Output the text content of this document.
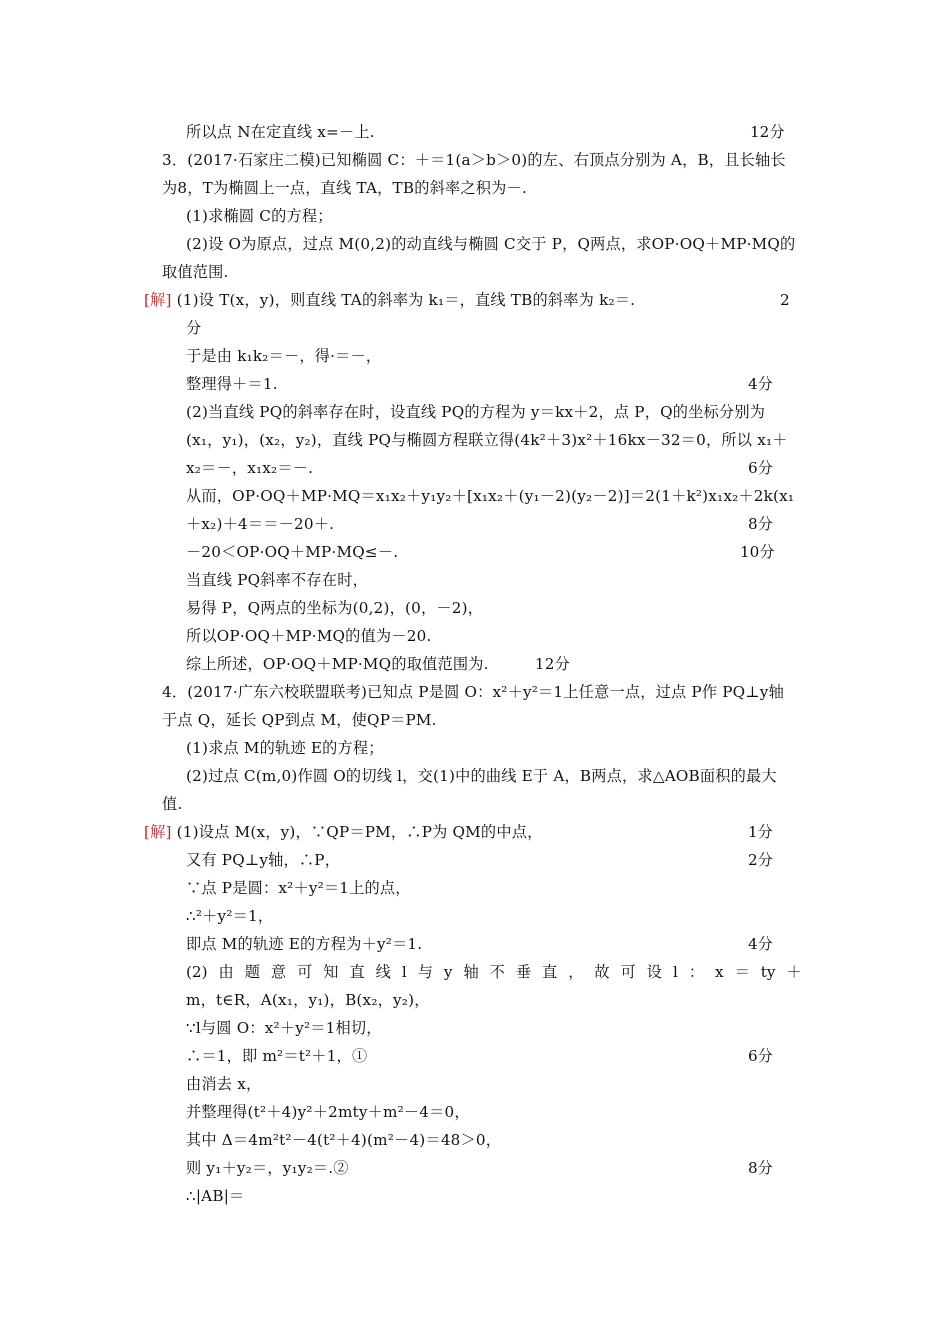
所以点 N在定直线 x=－上.	12分
3．(2017·石家庄二模)已知椭圆 C：＋＝1(a＞b＞0)的左、右顶点分别为 A，B，且长轴长
为8，T为椭圆上一点，直线 TA，TB的斜率之积为－.
(1)求椭圆 C的方程；
(2)设 O为原点，过点 M(0,2)的动直线与椭圆 C交于 P，Q两点，求OP·OQ＋MP·MQ的
取值范围.
[解] (1)设 T(x，y)，则直线 TA的斜率为 k₁＝，直线 TB的斜率为 k₂＝.	2
分
于是由 k₁k₂＝－，得·＝－，
整理得＋＝1.	4分
(2)当直线 PQ的斜率存在时，设直线 PQ的方程为 y＝kx＋2，点 P，Q的坐标分别为
(x₁，y₁)，(x₂，y₂)，直线 PQ与椭圆方程联立得(4k²＋3)x²＋16kx－32＝0，所以 x₁＋
x₂＝－，x₁x₂＝－.	6分
从而，OP·OQ＋MP·MQ＝x₁x₂＋y₁y₂＋[x₁x₂＋(y₁－2)(y₂－2)]＝2(1＋k²)x₁x₂＋2k(x₁
＋x₂)＋4＝＝－20＋.	8分
－20＜OP·OQ＋MP·MQ≤－.	10分
当直线 PQ斜率不存在时，
易得 P，Q两点的坐标为(0,2)，(0，－2)，
所以OP·OQ＋MP·MQ的值为－20.
综上所述，OP·OQ＋MP·MQ的取值范围为.　　　12分
4．(2017·广东六校联盟联考)已知点 P是圆 O：x²＋y²＝1上任意一点，过点 P作 PQ⊥y轴
于点 Q，延长 QP到点 M，使QP＝PM.
(1)求点 M的轨迹 E的方程；
(2)过点 C(m,0)作圆 O的切线 l，交(1)中的曲线 E于 A，B两点，求△AOB面积的最大
值.
[解] (1)设点 M(x，y)，∵QP＝PM，∴P为 QM的中点，	1分
又有 PQ⊥y轴，∴P，	2分
∵点 P是圆：x²＋y²＝1上的点，
∴²＋y²＝1，
即点 M的轨迹 E的方程为＋y²＝1.	4分
m，t∈R，A(x₁，y₁)，B(x₂，y₂)，
∵l与圆 O：x²＋y²＝1相切，
∴＝1，即 m²＝t²＋1，①	6分
由消去 x，
并整理得(t²＋4)y²＋2mty＋m²－4＝0，
其中 Δ＝4m²t²－4(t²＋4)(m²－4)＝48＞0，
则 y₁＋y₂＝，y₁y₂＝.②	8分
∴|AB|＝
(2) 由 题 意 可 知 直 线 l 与 y 轴 不 垂 直 ， 故 可 设 l ： x ＝ ty ＋
